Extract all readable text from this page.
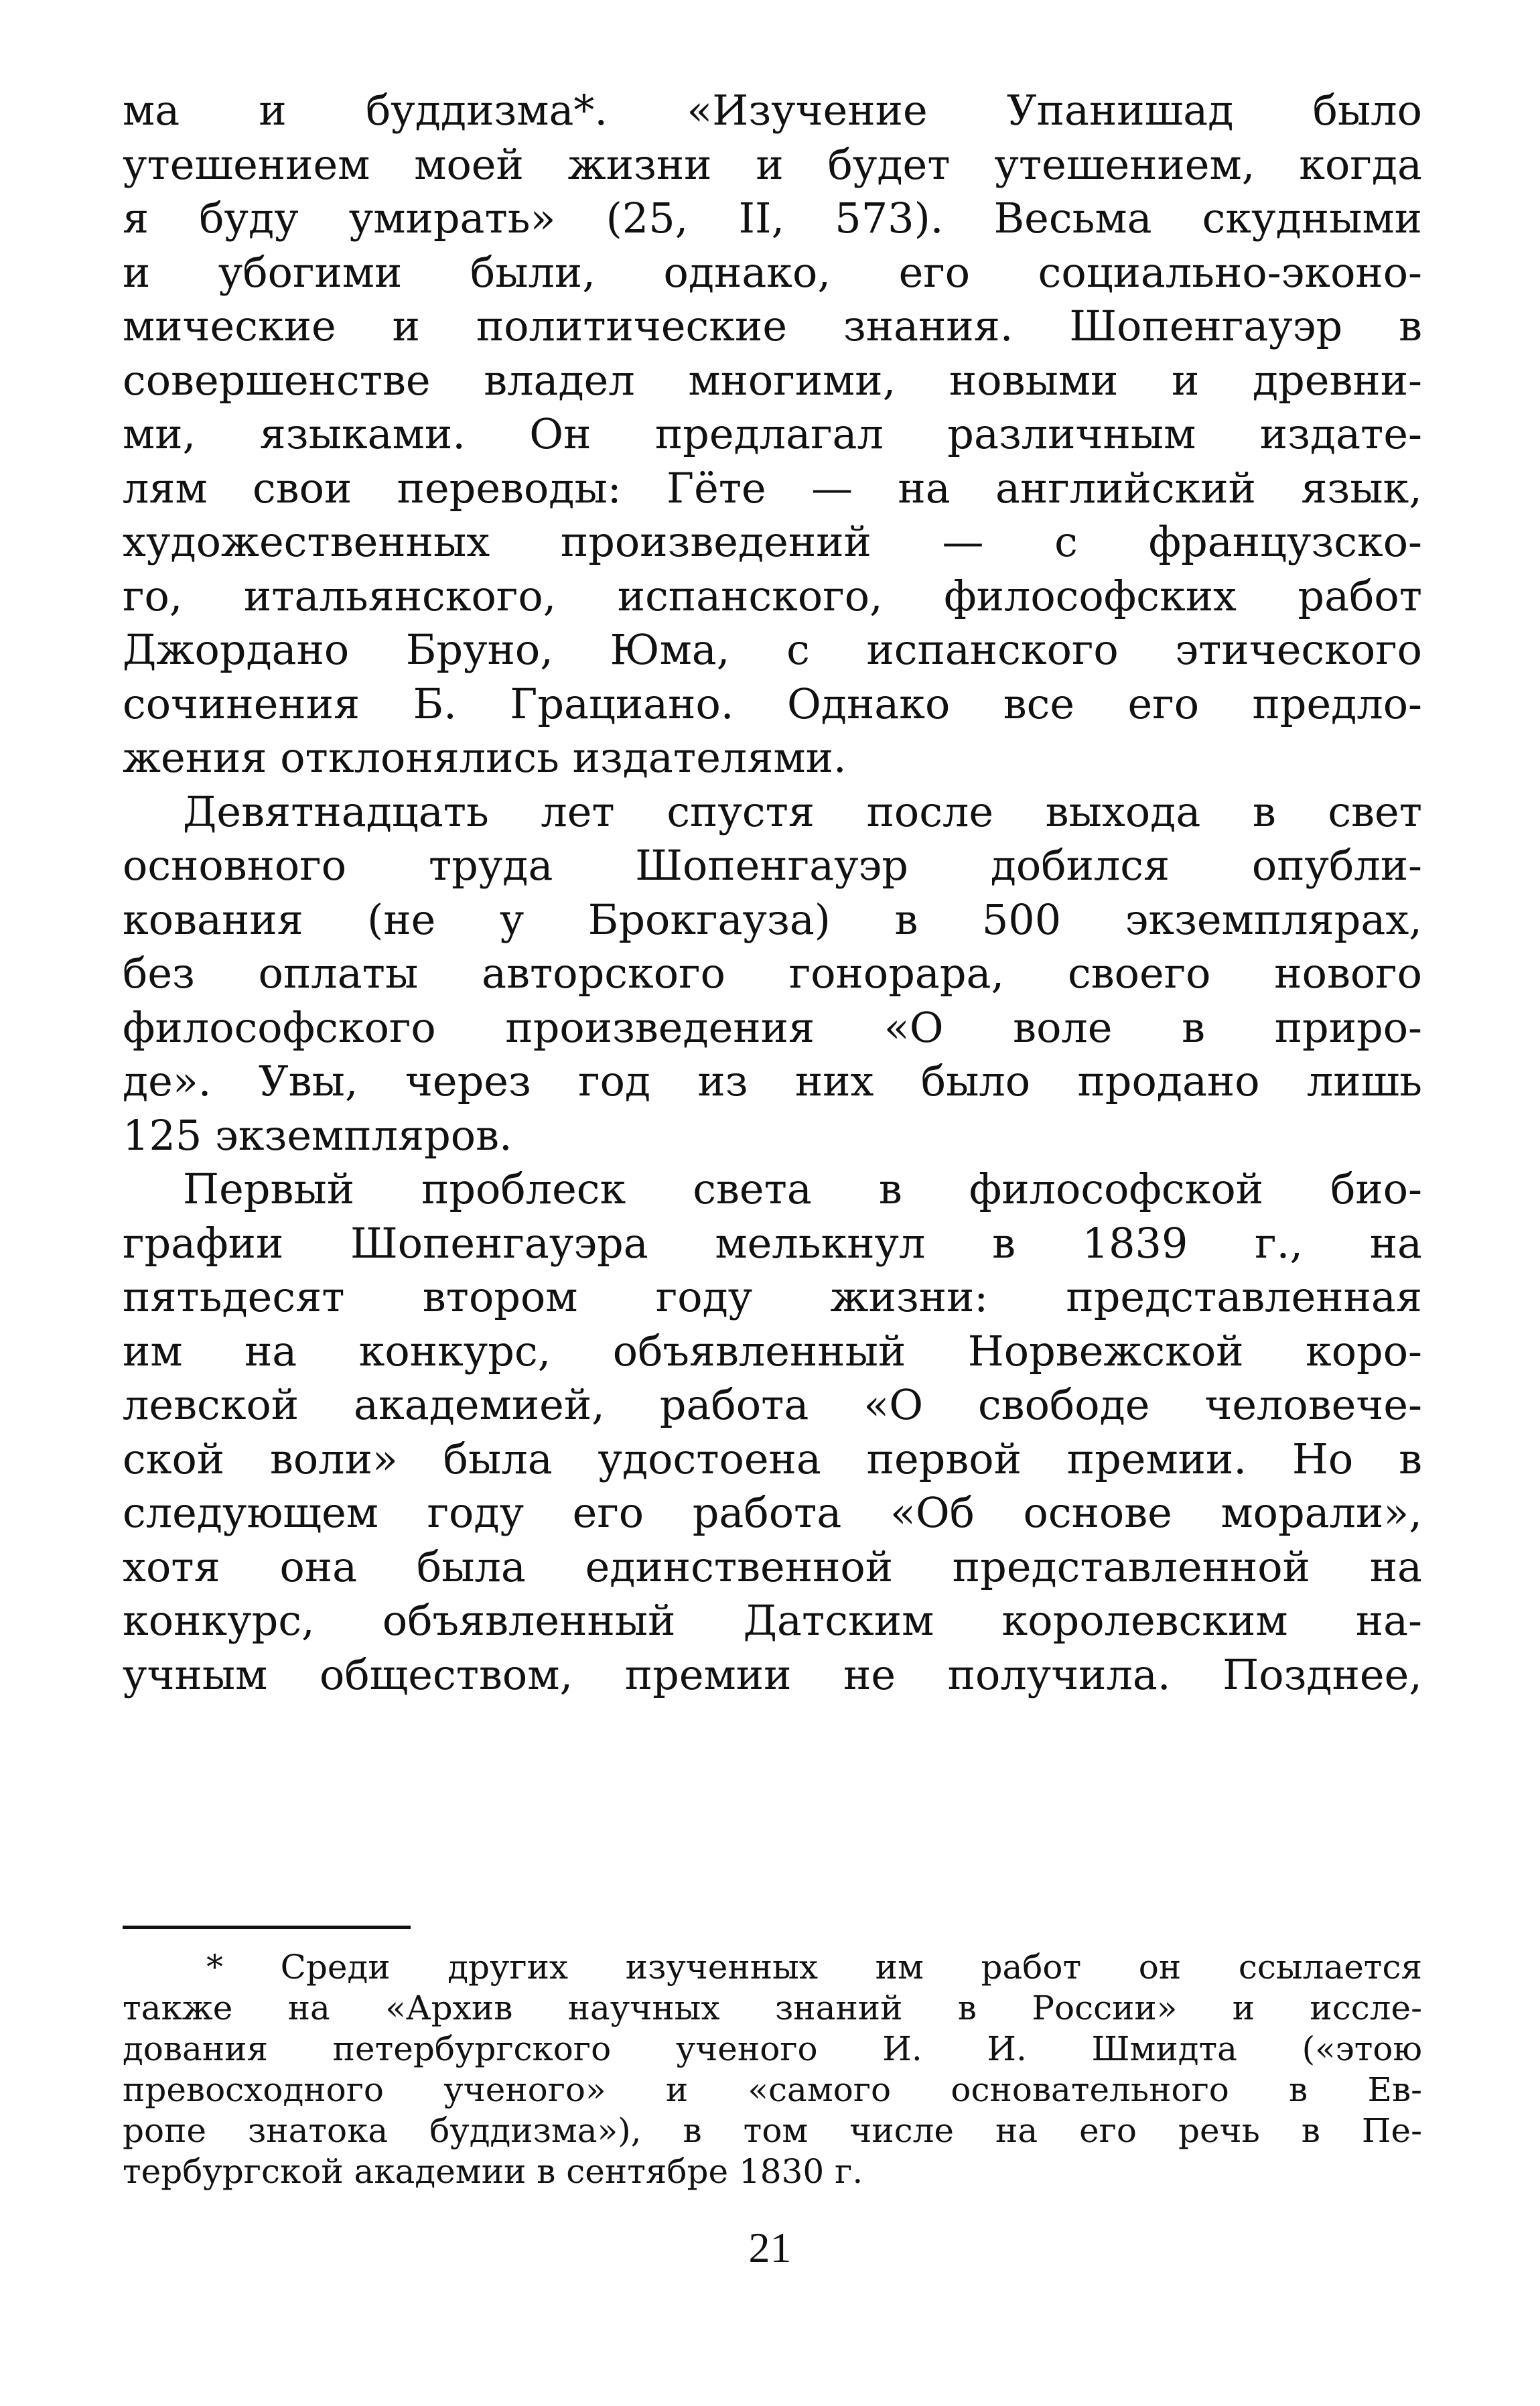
ма и буддизма*. «Изучение Упанишад было
утешением моей жизни и будет утешением, когда
я буду умирать» (25, II, 573). Весьма скудными
и убогими были, однако, его социально-эконо-
мические и политические знания. Шопенгауэр в
совершенстве владел многими, новыми и древни-
ми, языками. Он предлагал различным издате-
лям свои переводы: Гёте — на английский язык,
художественных произведений — с французско-
го, итальянского, испанского, философских работ
Джордано Бруно, Юма, с испанского этического
сочинения Б. Грациано. Однако все его предло-
жения отклонялись издателями.
Девятнадцать лет спустя после выхода в свет
основного труда Шопенгауэр добился опубли-
кования (не у Брокгауза) в 500 экземплярах,
без оплаты авторского гонорара, своего нового
философского произведения «О воле в приро-
де». Увы, через год из них было продано лишь
125 экземпляров.
Первый проблеск света в философской био-
графии Шопенгауэра мелькнул в 1839 г., на
пятьдесят втором году жизни: представленная
им на конкурс, объявленный Норвежской коро-
левской академией, работа «О свободе человече-
ской воли» была удостоена первой премии. Но в
следующем году его работа «Об основе морали»,
хотя она была единственной представленной на
конкурс, объявленный Датским королевским на-
учным обществом, премии не получила. Позднее,
* Среди других изученных им работ он ссылается
также на «Архив научных знаний в России» и иссле-
дования петербургского ученого И. И. Шмидта («этою
превосходного ученого» и «самого основательного в Ев-
ропе знатока буддизма»), в том числе на его речь в Пе-
тербургской академии в сентябре 1830 г.
21
